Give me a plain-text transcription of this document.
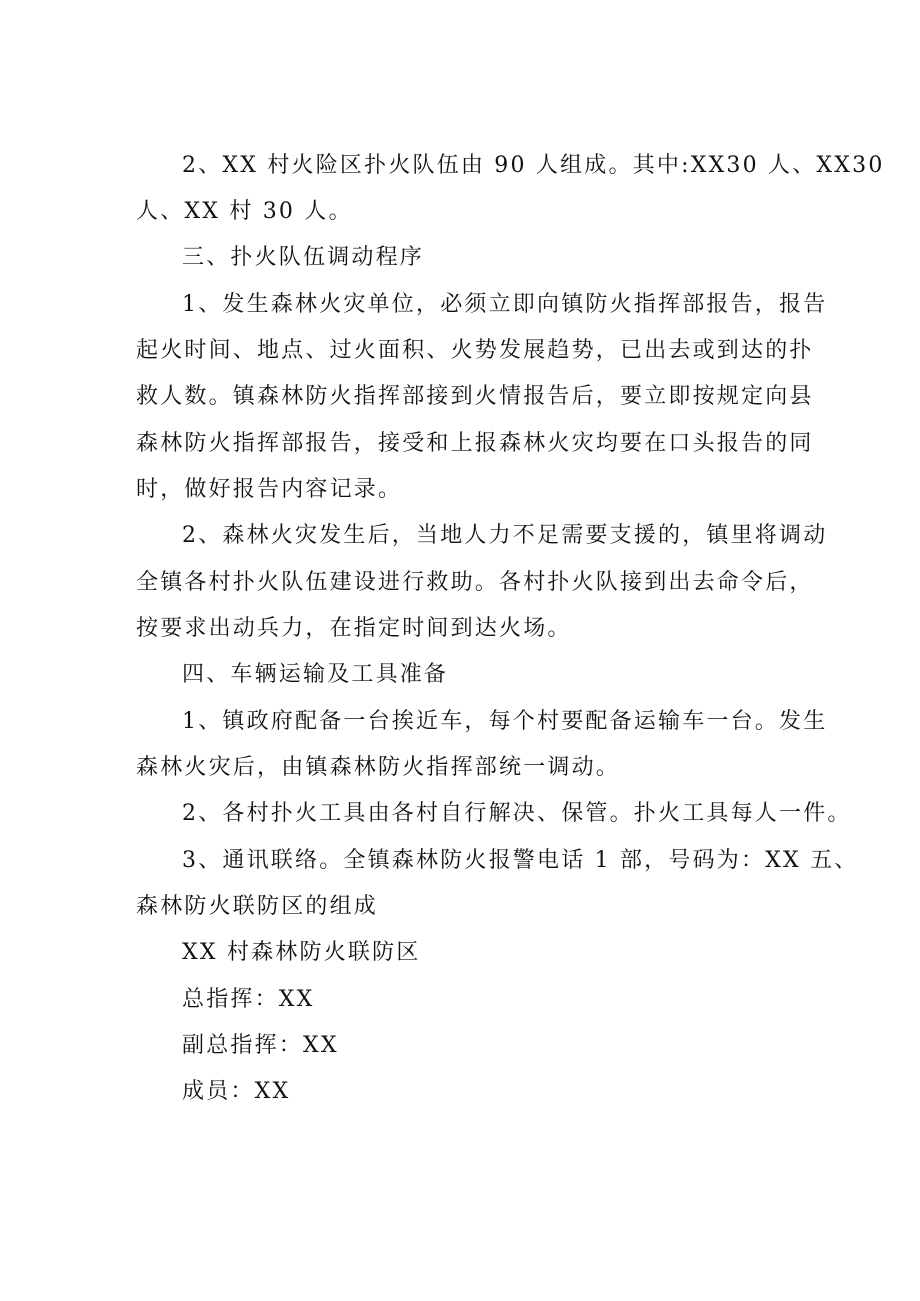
2、XX 村火险区扑火队伍由 90 人组成。其中:XX30 人、XX30
人、XX 村 30 人。
三、扑火队伍调动程序
1、发生森林火灾单位，必须立即向镇防火指挥部报告，报告
起火时间、地点、过火面积、火势发展趋势，已出去或到达的扑
救人数。镇森林防火指挥部接到火情报告后，要立即按规定向县
森林防火指挥部报告，接受和上报森林火灾均要在口头报告的同
时，做好报告内容记录。
2、森林火灾发生后，当地人力不足需要支援的，镇里将调动
全镇各村扑火队伍建设进行救助。各村扑火队接到出去命令后，
按要求出动兵力，在指定时间到达火场。
四、车辆运输及工具准备
1、镇政府配备一台挨近车，每个村要配备运输车一台。发生
森林火灾后，由镇森林防火指挥部统一调动。
2、各村扑火工具由各村自行解决、保管。扑火工具每人一件。
3、通讯联络。全镇森林防火报警电话 1 部，号码为：XX 五、
森林防火联防区的组成
XX 村森林防火联防区
总指挥：XX
副总指挥：XX
成员：XX
